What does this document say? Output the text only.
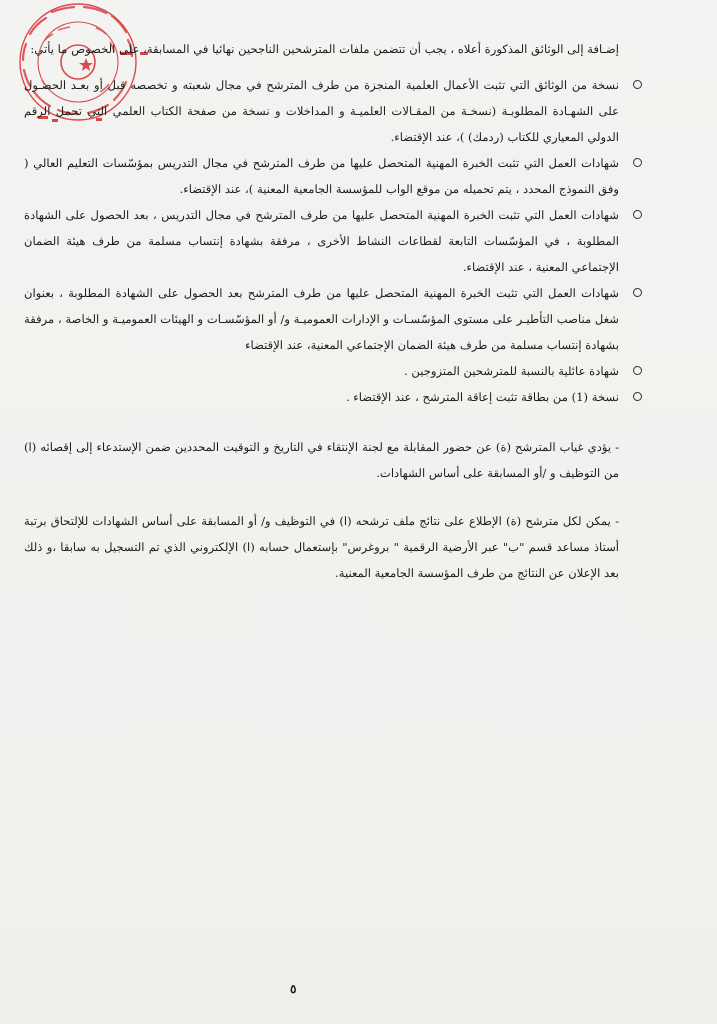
إضـافة إلى الوثائق المذكورة أعلاه ، يجب أن تتضمن ملفات المترشحين الناجحين نهائيا في المسابقة، على الخصوص ما يأتي:

نسخة من الوثائق التي تثبت الأعمال العلمية المنجزة من طرف المترشح في مجال شعبته و تخصصه قبل أو بعـد الحصـول على الشهـادة المطلوبـة (نسخـة من المقـالات العلميـة و المداخلات و نسخة من صفحة الكتاب العلمي التي تحمل الرقم الدولي المعياري للكتاب (ردمك) )، عند الإقتضاء.
شهادات العمل التي تثبت الخبرة المهنية المتحصل عليها من طرف المترشح في مجال التدريس بمؤسّسات التعليم العالي ( وفق النموذج المحدد ، يتم تحميله من موقع الواب للمؤسسة الجامعية المعنية )، عند الإقتضاء.
شهادات العمل التي تثبت الخبرة المهنية المتحصل عليها من طرف المترشح في مجال التدريس ، بعد الحصول على الشهادة المطلوبة ، في المؤسّسات التابعة لقطاعات النشاط الأخرى ، مرفقة بشهادة إنتساب مسلمة من طرف هيئة الضمان الإجتماعي المعنية ، عند الإقتضاء.
شهادات العمل التي تثبت الخبرة المهنية المتحصل عليها من طرف المترشح بعد الحصول على الشهادة المطلوبة ، بعنوان شغل مناصب التأطيـر على مستوى المؤسّسـات و الإدارات العموميـة و/ أو المؤسّسـات و الهيئات العموميـة و الخاصة ، مرفقة بشهادة إنتساب مسلمة من طرف هيئة الضمان الإجتماعي المعنية، عند الإقتضاء
شهادة عائلية بالنسبة للمترشحين المتزوجين .
نسخة (1) من بطاقة تثبت إعاقة المترشح ، عند الإقتضاء .

- يؤدي غياب المترشح (ة) عن حضور المقابلة مع لجنة الإنتقاء في التاريخ و التوقيت المحددين ضمن الإستدعاء إلى إقصائه (ا) من التوظيف و /أو المسابقة على أساس الشهادات.

- يمكن لكل مترشح (ة) الإطلاع على نتائج ملف ترشحه (ا) في التوظيف و/ أو المسابقة على أساس الشهادات للإلتحاق برتبة أستاذ مساعد قسم "ب" عبر الأرضية الرقمية " بروغرس" بإستعمال حسابه (ا) الإلكتروني الذي تم التسجيل به سابقا ،و ذلك بعد الإعلان عن النتائج من طرف المؤسسة الجامعية المعنية.

٥
